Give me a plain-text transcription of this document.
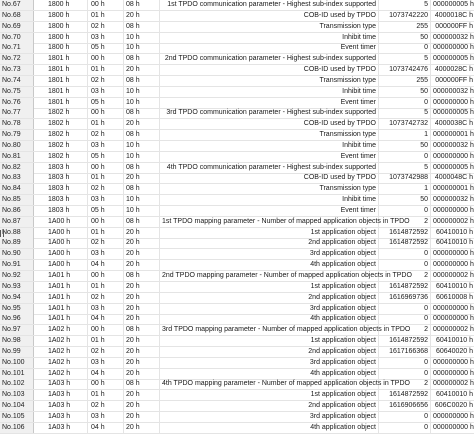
No.67	1800 h	00 h	08 h	1st TPDO communication parameter - Highest sub-index supported	5 000000005 h
No.68	1800 h	01 h	20 h	COB-ID used by TPDO	1073742220 4000018C h
No.69	1800 h	02 h	08 h	Transmission type	255	000000FF h
No.70	1800 h	03 h	10 h	Inhibit time	50 000000032 h
No.71	1800 h	05 h	10 h	Event timer	0 000000000 h
No.72	1801 h	00 h	08 h	2nd TPDO communication parameter - Highest sub-index supported	5 000000005 h
No.73	1801 h	01 h	20 h	COB-ID used by TPDO	1073742476 4000028C h
No.74	1801 h	02 h	08 h	Transmission type	255	000000FF h
No.75	1801 h	03 h	10 h	Inhibit time	50 000000032 h
No.76	1801 h	05 h	10 h	Event timer	0 000000000 h
No.77	1802 h	00 h	08 h	3rd TPDO communication parameter - Highest sub-index supported	5 000000005 h
No.78	1802 h	01 h	20 h	COB-ID used by TPDO	1073742732 4000038C h
No.79	1802 h	02 h	08 h	Transmission type	1 000000001 h
No.80	1802 h	03 h	10 h	Inhibit time	50 000000032 h
No.81	1802 h	05 h	10 h	Event timer	0 000000000 h
No.82	1803 h	00 h	08 h	4th TPDO communication parameter - Highest sub-index supported	5 000000005 h
No.83	1803 h	01 h	20 h	COB-ID used by TPDO	1073742988 4000048C h
No.84	1803 h	02 h	08 h	Transmission type	1 000000001 h
No.85	1803 h	03 h	10 h	Inhibit time	50 000000032 h
No.86	1803 h	05 h	10 h	Event timer	0 000000000 h
No.87	1A00 h	00 h	08 h	1st TPDO mapping parameter - Number of mapped application objects in TPDO	2 000000002 h
No.88	1A00 h	01 h	20 h	1st application object	1614872592	60410010 h
No.89	1A00 h	02 h	20 h	2nd application object	1614872592	60410010 h
No.90	1A00 h	03 h	20 h	3rd application object	0 000000000 h
No.91	1A00 h	04 h	20 h	4th application object	0 000000000 h
No.92	1A01 h	00 h	08 h	2nd TPDO mapping parameter - Number of mapped application objects in TPDO	2 000000002 h
No.93	1A01 h	01 h	20 h	1st application object	1614872592	60410010 h
No.94	1A01 h	02 h	20 h	2nd application object	1616969736	60610008 h
No.95	1A01 h	03 h	20 h	3rd application object	0 000000000 h
No.96	1A01 h	04 h	20 h	4th application object	0 000000000 h
No.97	1A02 h	00 h	08 h	3rd TPDO mapping parameter - Number of mapped application objects in TPDO	2 000000002 h
No.98	1A02 h	01 h	20 h	1st application object	1614872592	60410010 h
No.99	1A02 h	02 h	20 h	2nd application object	1617166368	60640020 h
No.100	1A02 h	03 h	20 h	3rd application object	0 000000000 h
No.101	1A02 h	04 h	20 h	4th application object	0 000000000 h
No.102	1A03 h	00 h	08 h	4th TPDO mapping parameter - Number of mapped application objects in TPDO	2 000000002 h
No.103	1A03 h	01 h	20 h	1st application object	1614872592	60410010 h
No.104	1A03 h	02 h	20 h	2nd application object	1616906656 606C0020 h
No.105	1A03 h	03 h	20 h	3rd application object	0 000000000 h
No.106	1A03 h	04 h	20 h	4th application object	0 000000000 h
